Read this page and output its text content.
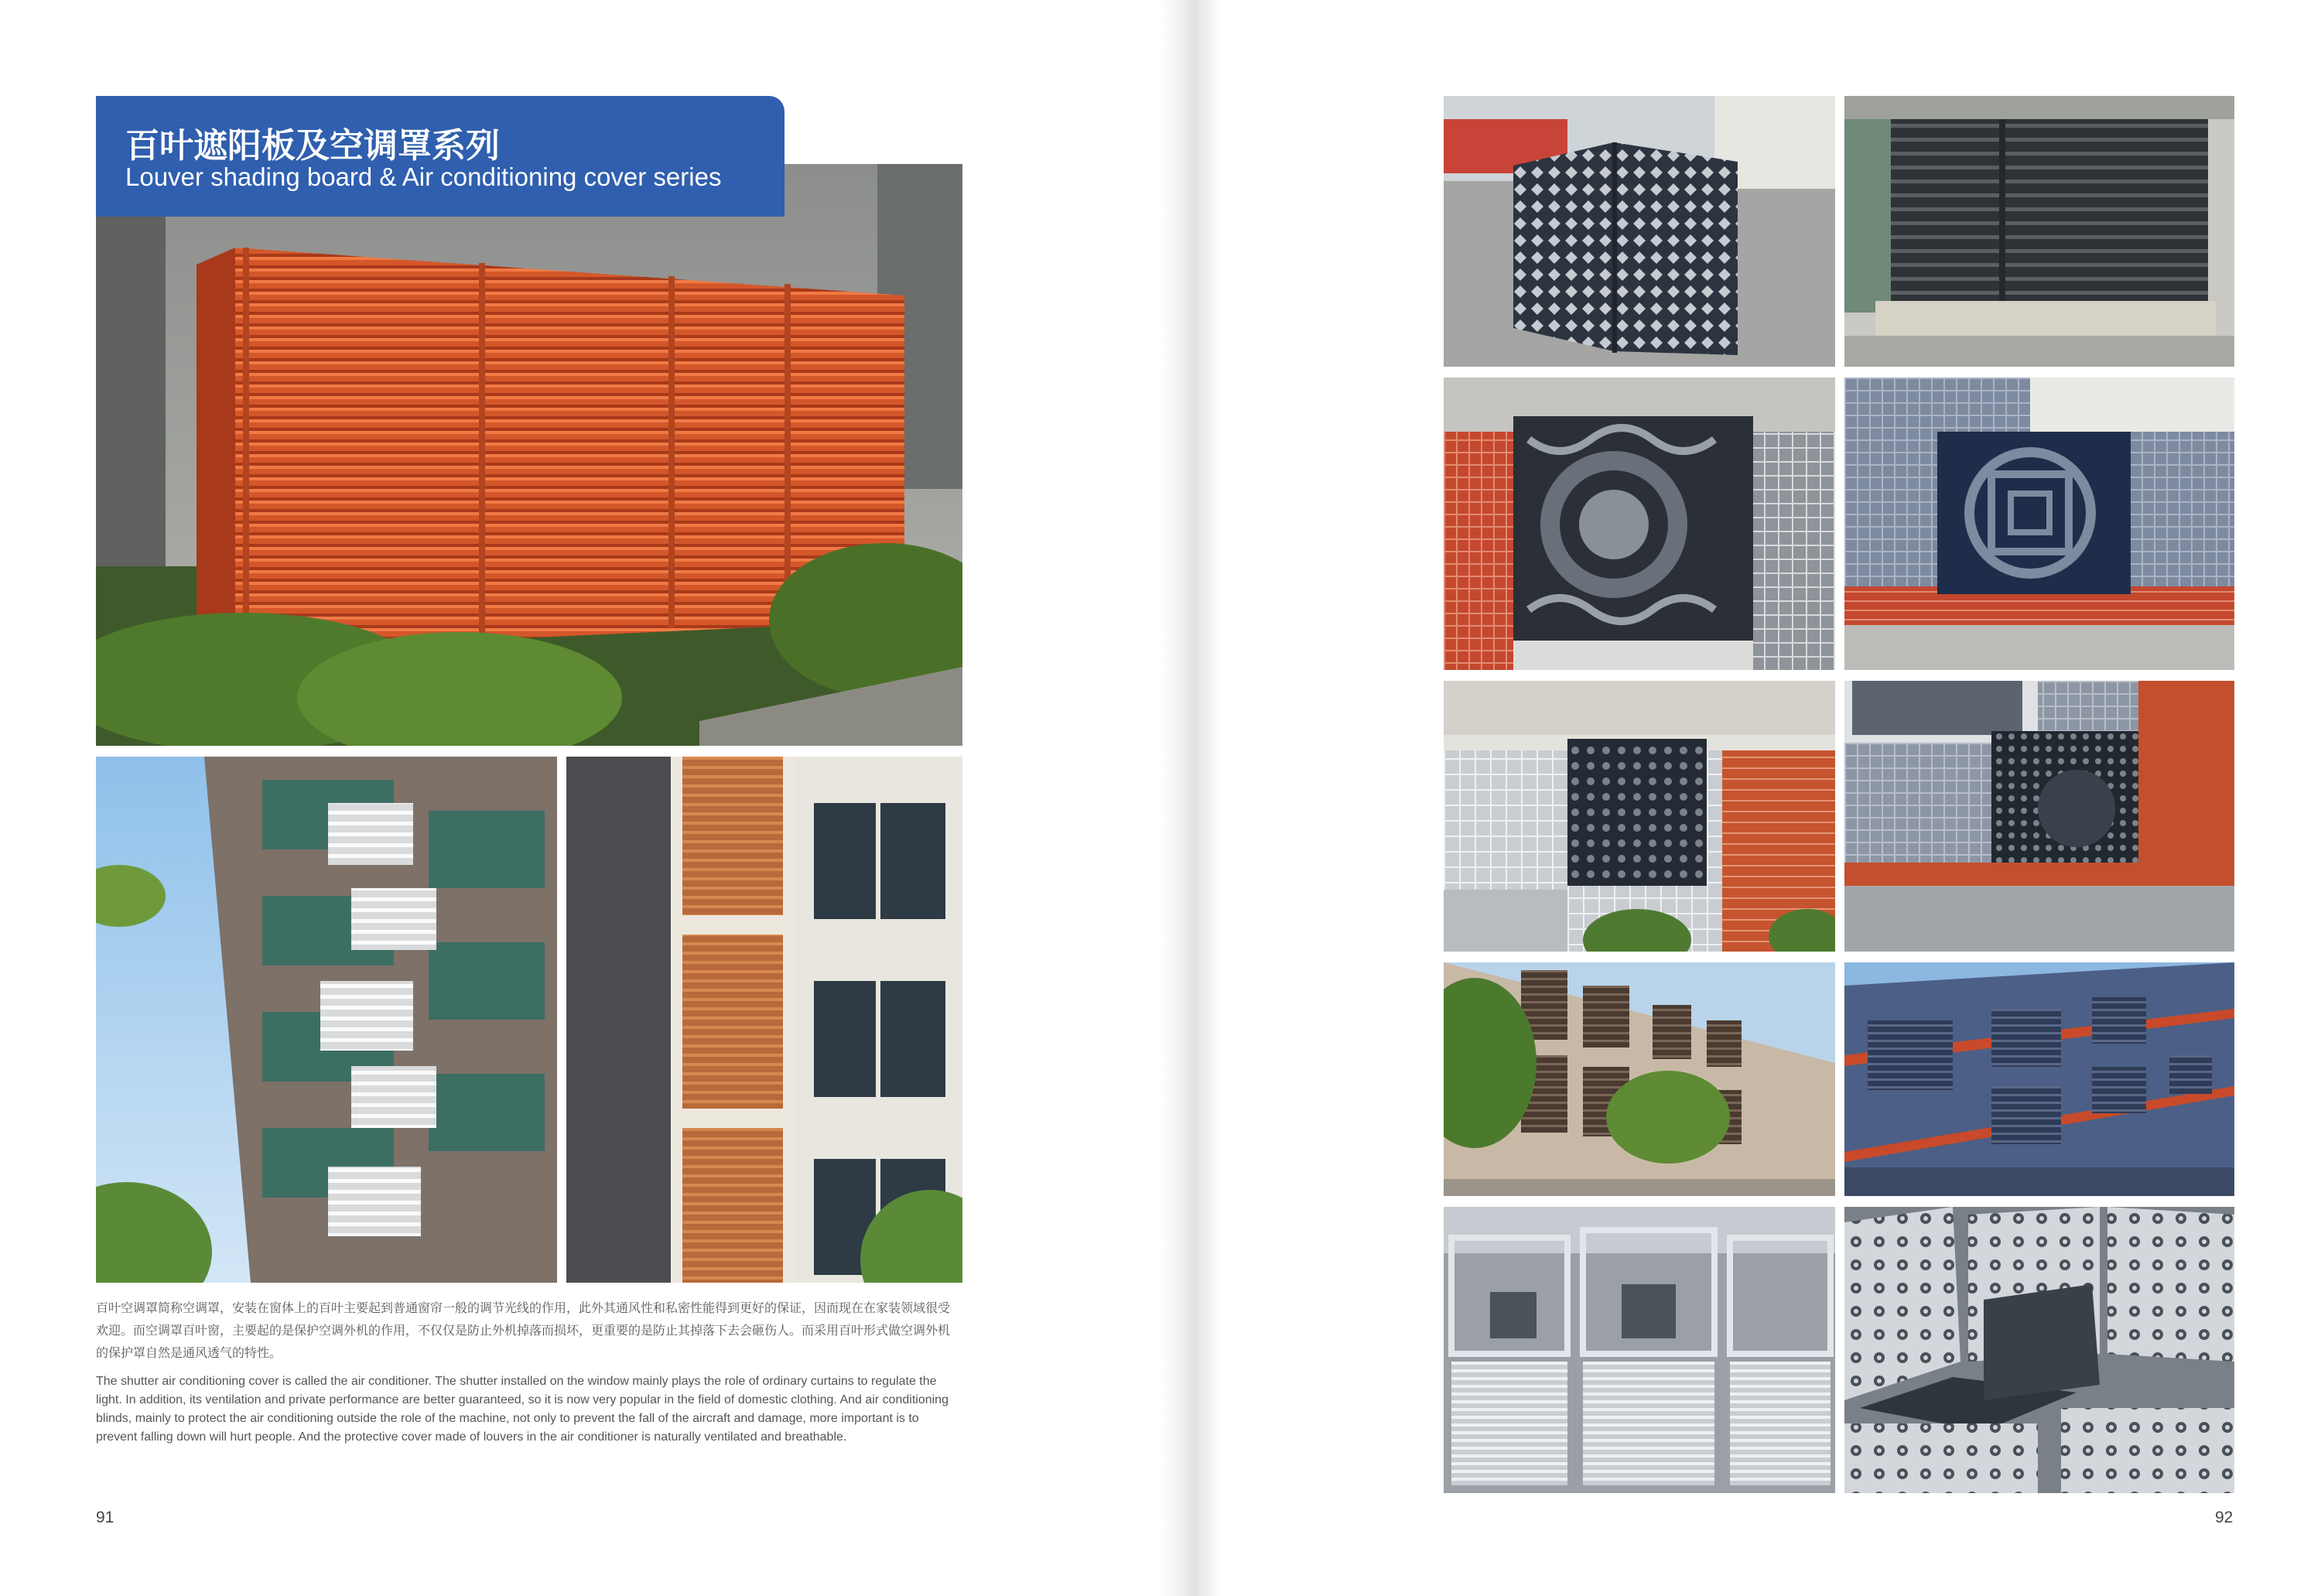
百叶遮阳板及空调罩系列
Louver shading board & Air conditioning cover series

百叶空调罩简称空调罩，安装在窗体上的百叶主要起到普通窗帘一般的调节光线的作用，此外其通风性和私密性能得到更好的保证，因而现在在家装领域很受欢迎。而空调罩百叶窗，主要起的是保护空调外机的作用，不仅仅是防止外机掉落而损坏，更重要的是防止其掉落下去会砸伤人。而采用百叶形式做空调外机的保护罩自然是通风透气的特性。

The shutter air conditioning cover is called the air conditioner. The shutter installed on the window mainly plays the role of ordinary curtains to regulate the light. In addition, its ventilation and private performance are better guaranteed, so it is now very popular in the field of domestic clothing. And air conditioning blinds, mainly to protect the air conditioning outside the role of the machine, not only to prevent the fall of the aircraft and damage, more important is to prevent falling down will hurt people. And the protective cover made of louvers in the air conditioner is naturally ventilated and breathable.

91	92
